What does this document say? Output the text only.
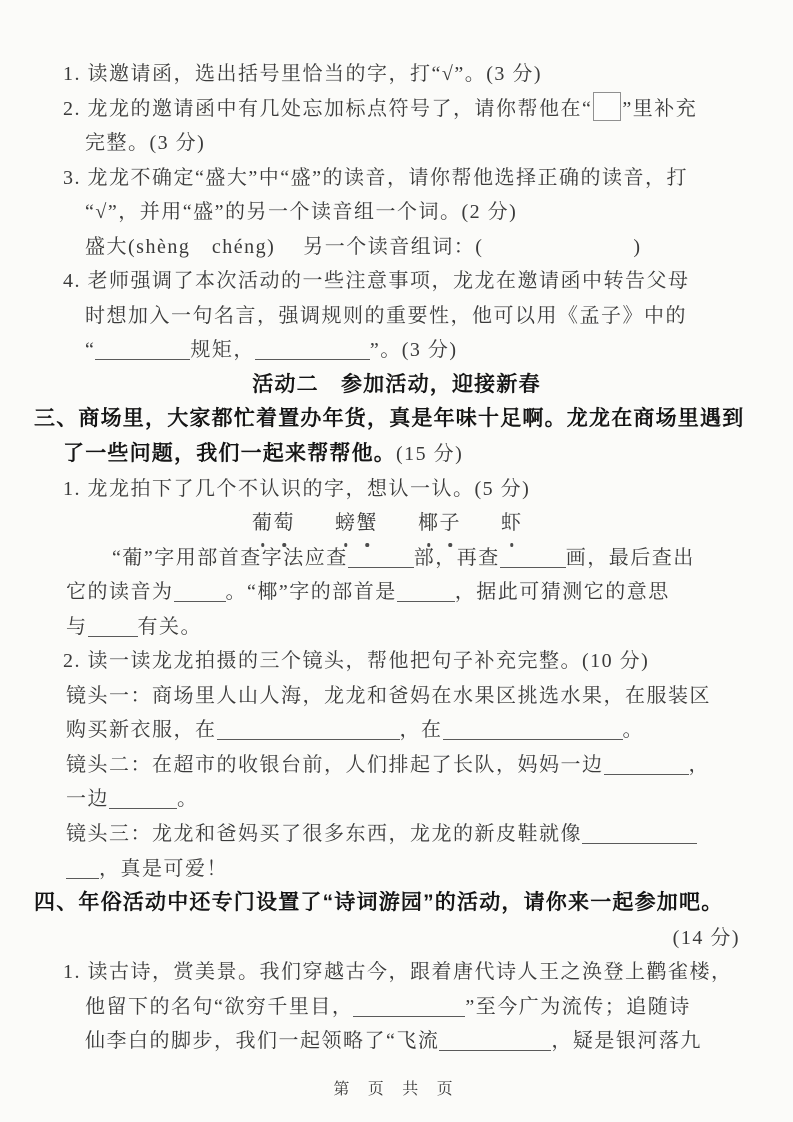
1. 读邀请函，选出括号里恰当的字，打“√”。(3 分)
2. 龙龙的邀请函中有几处忘加标点符号了，请你帮他在“ ”里补充
完整。(3 分)
3. 龙龙不确定“盛大”中“盛”的读音，请你帮他选择正确的读音，打
“√”，并用“盛”的另一个读音组一个词。(2 分)
盛大(shèng　chéng)　 另一个读音组词：(	)
4. 老师强调了本次活动的一些注意事项，龙龙在邀请函中转告父母
时想加入一句名言，强调规则的重要性，他可以用《孟子》中的
“	规矩，	”。(3 分)
活动二　参加活动，迎接新春
三、商场里，大家都忙着置办年货，真是年味十足啊。龙龙在商场里遇到
了一些问题，我们一起来帮帮他。(15 分)
1. 龙龙拍下了几个不认识的字，想认一认。(5 分)
葡萄 螃蟹 椰子 虾
“葡”字用部首查字法应查	部，再查	画，最后查出
它的读音为	。“椰”字的部首是	，据此可猜测它的意思
与	有关。
2. 读一读龙龙拍摄的三个镜头，帮他把句子补充完整。(10 分)
镜头一：商场里人山人海，龙龙和爸妈在水果区挑选水果，在服装区
购买新衣服，在	，在	。
镜头二：在超市的收银台前，人们排起了长队，妈妈一边	，
一边	。
镜头三：龙龙和爸妈买了很多东西，龙龙的新皮鞋就像
，真是可爱！
四、年俗活动中还专门设置了“诗词游园”的活动，请你来一起参加吧。
(14 分)
1. 读古诗，赏美景。我们穿越古今，跟着唐代诗人王之涣登上鹳雀楼，
他留下的名句“欲穷千里目，	”至今广为流传；追随诗
仙李白的脚步，我们一起领略了“飞流	，疑是银河落九
第 页 共 页
